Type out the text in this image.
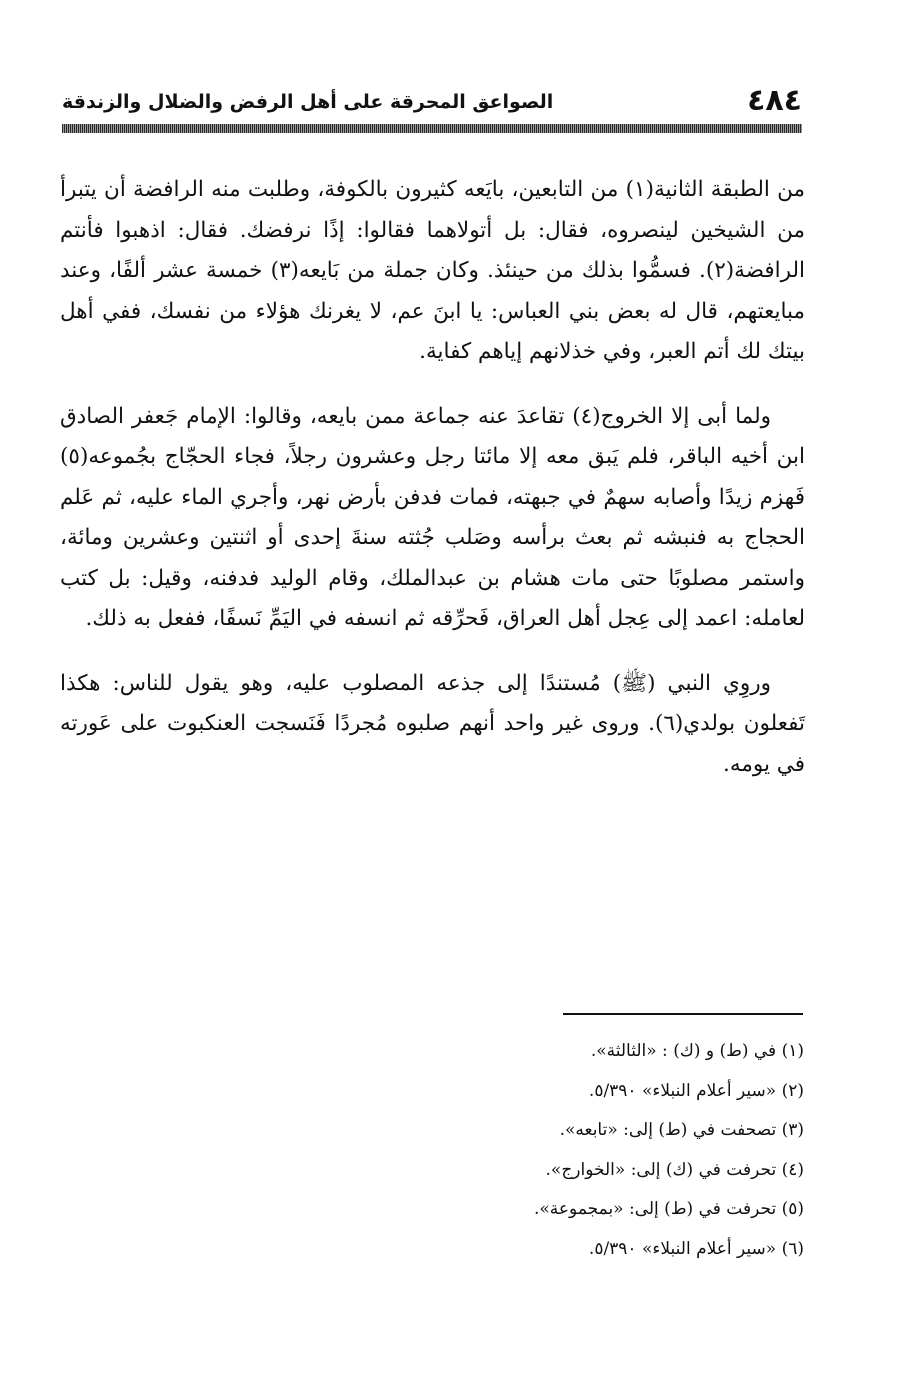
٤٨٤
الصواعق المحرقة على أهل الرفض والضلال والزندقة

من الطبقة الثانية(١) من التابعين، بايَعه كثيرون بالكوفة، وطلبت منه الرافضة أن يتبرأ من الشيخين لينصروه، فقال: بل أتولاهما فقالوا: إذًا نرفضك. فقال: اذهبوا فأنتم الرافضة(٢). فسمُّوا بذلك من حينئذ. وكان جملة من بَايعه(٣) خمسة عشر ألفًا، وعند مبايعتهم، قال له بعض بني العباس: يا ابنَ عم، لا يغرنك هؤلاء من نفسك، ففي أهل بيتك لك أتم العبر، وفي خذلانهم إياهم كفاية.

ولما أبى إلا الخروج(٤) تقاعدَ عنه جماعة ممن بايعه، وقالوا: الإمام جَعفر الصادق ابن أخيه الباقر، فلم يَبق معه إلا مائتا رجل وعشرون رجلاً، فجاء الحجّاج بجُموعه(٥) فَهزم زيدًا وأصابه سهمٌ في جبهته، فمات فدفن بأرض نهر، وأجري الماء عليه، ثم عَلم الحجاج به فنبشه ثم بعث برأسه وصَلب جُثته سنةَ إحدى أو اثنتين وعشرين ومائة، واستمر مصلوبًا حتى مات هشام بن عبدالملك، وقام الوليد فدفنه، وقيل: بل كتب لعامله: اعمد إلى عِجل أهل العراق، فَحرِّقه ثم انسفه في اليَمِّ نَسفًا، ففعل به ذلك.

وروِي النبي (ﷺ) مُستندًا إلى جذعه المصلوب عليه، وهو يقول للناس: هكذا تَفعلون بولدي(٦). وروى غير واحد أنهم صلبوه مُجردًا فَنَسجت العنكبوت على عَورته في يومه.

(١) في (ط) و (ك) : «الثالثة».
(٢) «سير أعلام النبلاء» ٥/٣٩٠.
(٣) تصحفت في (ط) إلى: «تابعه».
(٤) تحرفت في (ك) إلى: «الخوارج».
(٥) تحرفت في (ط) إلى: «بمجموعة».
(٦) «سير أعلام النبلاء» ٥/٣٩٠.
